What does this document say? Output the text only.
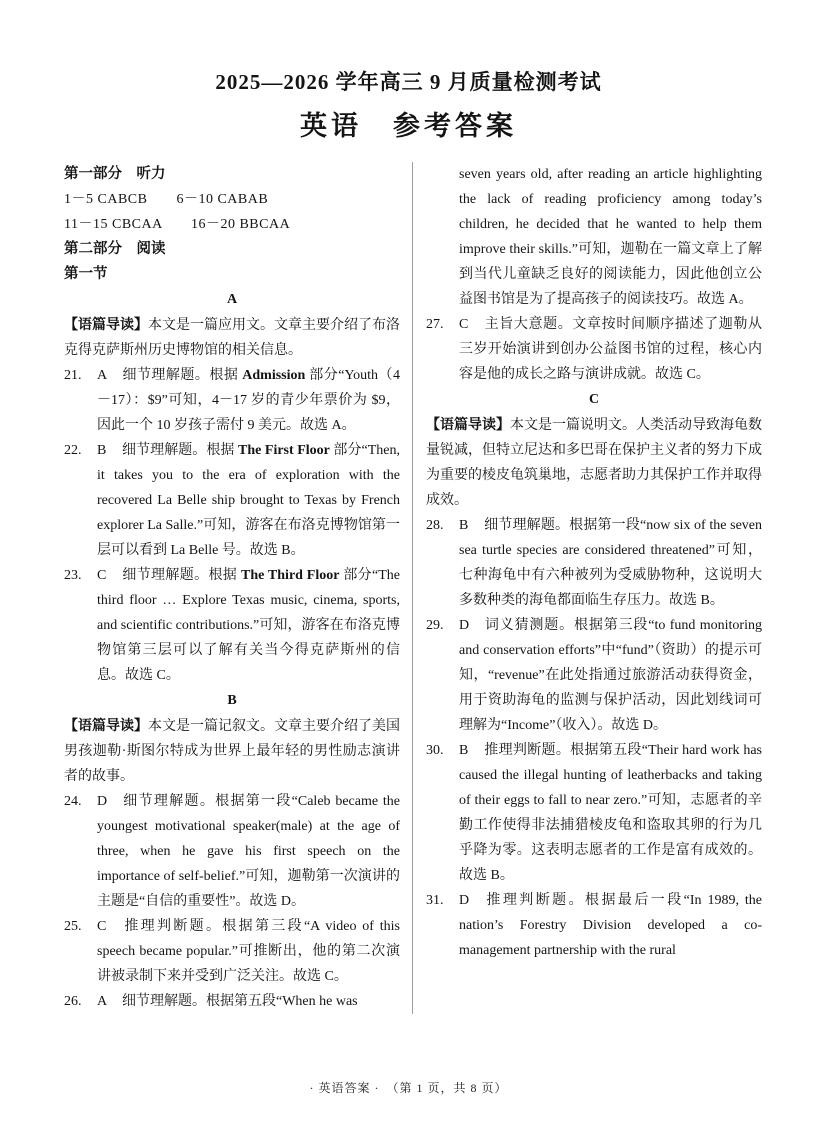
2025—2026 学年高三 9 月质量检测考试
英语　参考答案

第一部分　听力

1－5 CABCB　　6－10 CABAB

11－15 CBCAA　　16－20 BBCAA

第二部分　阅读

第一节

A

【语篇导读】本文是一篇应用文。文章主要介绍了布洛克得克萨斯州历史博物馆的相关信息。

21. A 细节理解题。根据 Admission 部分“Youth（4－17）：$9”可知，4－17 岁的青少年票价为 $9，因此一个 10 岁孩子需付 9 美元。故选 A。

22. B 细节理解题。根据 The First Floor 部分“Then, it takes you to the era of exploration with the recovered La Belle ship brought to Texas by French explorer La Salle.”可知，游客在布洛克博物馆第一层可以看到 La Belle 号。故选 B。

23. C 细节理解题。根据 The Third Floor 部分“The third floor … Explore Texas music, cinema, sports, and scientific contributions.”可知，游客在布洛克博物馆第三层可以了解有关当今得克萨斯州的信息。故选 C。

B

【语篇导读】本文是一篇记叙文。文章主要介绍了美国男孩迦勒·斯图尔特成为世界上最年轻的男性励志演讲者的故事。

24. D 细节理解题。根据第一段“Caleb became the youngest motivational speaker(male) at the age of three, when he gave his first speech on the importance of self-belief.”可知，迦勒第一次演讲的主题是“自信的重要性”。故选 D。

25. C 推理判断题。根据第三段“A video of this speech became popular.”可推断出，他的第二次演讲被录制下来并受到广泛关注。故选 C。

26. A 细节理解题。根据第五段“When he was

seven years old, after reading an article highlighting the lack of reading proficiency among today’s children, he decided that he wanted to help them improve their skills.”可知，迦勒在一篇文章上了解到当代儿童缺乏良好的阅读能力，因此他创立公益图书馆是为了提高孩子的阅读技巧。故选 A。

27. C 主旨大意题。文章按时间顺序描述了迦勒从三岁开始演讲到创办公益图书馆的过程，核心内容是他的成长之路与演讲成就。故选 C。

C

【语篇导读】本文是一篇说明文。人类活动导致海龟数量锐减，但特立尼达和多巴哥在保护主义者的努力下成为重要的棱皮龟筑巢地，志愿者助力其保护工作并取得成效。

28. B 细节理解题。根据第一段“now six of the seven sea turtle species are considered threatened”可知，七种海龟中有六种被列为受威胁物种，这说明大多数种类的海龟都面临生存压力。故选 B。

29. D 词义猜测题。根据第三段“to fund monitoring and conservation efforts”中“fund”（资助）的提示可知，“revenue”在此处指通过旅游活动获得资金，用于资助海龟的监测与保护活动，因此划线词可理解为“Income”（收入）。故选 D。

30. B 推理判断题。根据第五段“Their hard work has caused the illegal hunting of leatherbacks and taking of their eggs to fall to near zero.”可知，志愿者的辛勤工作使得非法捕猎棱皮龟和盗取其卵的行为几乎降为零。这表明志愿者的工作是富有成效的。故选 B。

31. D 推理判断题。根据最后一段“In 1989, the nation’s Forestry Division developed a co-management partnership with the rural

· 英语答案 ·　（第 1 页，共 8 页）
